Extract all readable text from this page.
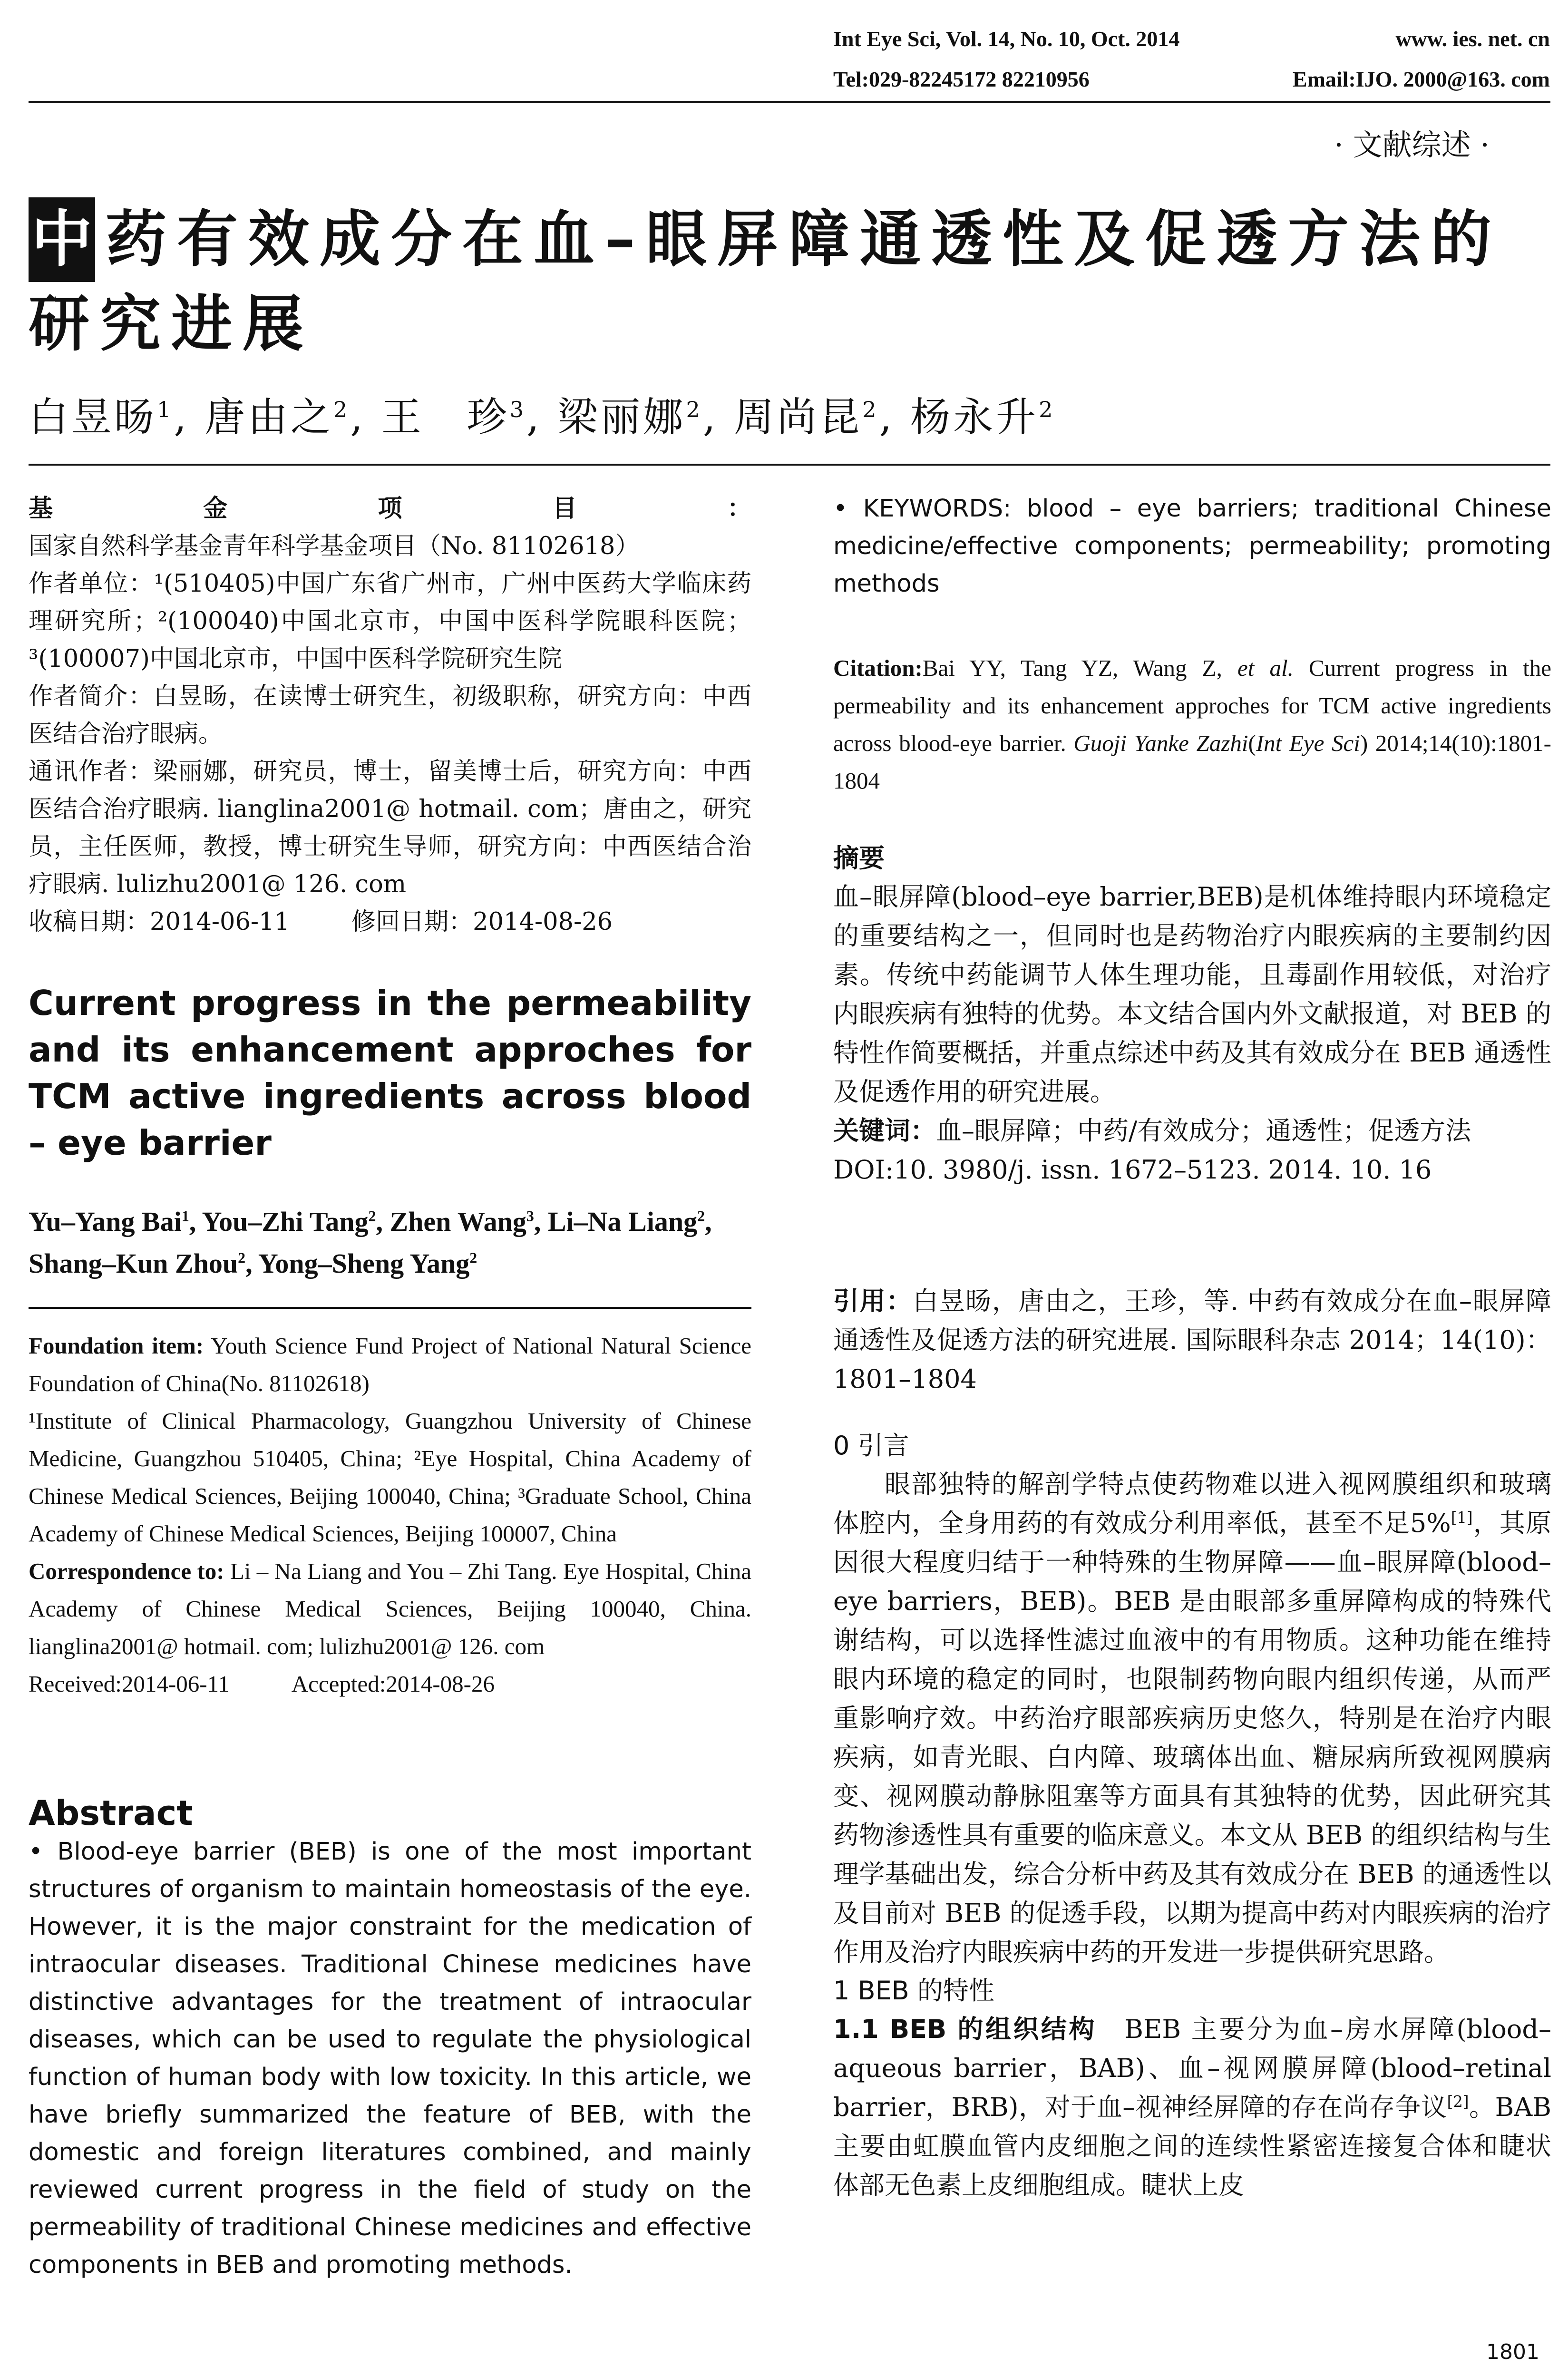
Int Eye Sci, Vol. 14, No. 10, Oct. 2014	www. ies. net. cn
Tel:029-82245172 82210956	Email:IJO. 2000@163. com
· 文献综述 ·
中 药有效成分在血–眼屏障通透性及促透方法的研究进展
白昱旸$^1$, 唐由之$^2$, 王　珍$^3$, 梁丽娜$^2$, 周尚昆$^2$, 杨永升$^2$

基金项目：国家自然科学基金青年科学基金项目（No. 81102618）

作者单位：¹(510405)中国广东省广州市，广州中医药大学临床药理研究所；²(100040)中国北京市，中国中医科学院眼科医院；³(100007)中国北京市，中国中医科学院研究生院

作者简介：白昱旸，在读博士研究生，初级职称，研究方向：中西医结合治疗眼病。

通讯作者：梁丽娜，研究员，博士，留美博士后，研究方向：中西医结合治疗眼病. lianglina2001@ hotmail. com；唐由之，研究员，主任医师，教授，博士研究生导师，研究方向：中西医结合治疗眼病. lulizhu2001@ 126. com

收稿日期：2014-06-11	修回日期：2014-08-26

Current progress in the permeability and its enhancement approches for TCM active ingredients across blood – eye barrier

Yu–Yang Bai$^1$, You–Zhi Tang$^2$, Zhen Wang$^3$, Li–Na Liang$^2$, Shang–Kun Zhou$^2$, Yong–Sheng Yang$^2$

Foundation item: Youth Science Fund Project of National Natural Science Foundation of China(No. 81102618)

¹Institute of Clinical Pharmacology, Guangzhou University of Chinese Medicine, Guangzhou 510405, China; ²Eye Hospital, China Academy of Chinese Medical Sciences, Beijing 100040, China; ³Graduate School, China Academy of Chinese Medical Sciences, Beijing 100007, China

Correspondence to: Li – Na Liang and You – Zhi Tang. Eye Hospital, China Academy of Chinese Medical Sciences, Beijing 100040, China. lianglina2001@ hotmail. com; lulizhu2001@ 126. com

Received:2014-06-11	Accepted:2014-08-26

Abstract

• Blood-eye barrier (BEB) is one of the most important structures of organism to maintain homeostasis of the eye. However, it is the major constraint for the medication of intraocular diseases. Traditional Chinese medicines have distinctive advantages for the treatment of intraocular diseases, which can be used to regulate the physiological function of human body with low toxicity. In this article, we have briefly summarized the feature of BEB, with the domestic and foreign literatures combined, and mainly reviewed current progress in the field of study on the permeability of traditional Chinese medicines and effective components in BEB and promoting methods.

• KEYWORDS: blood – eye barriers; traditional Chinese medicine/effective components; permeability; promoting methods

Citation:Bai YY, Tang YZ, Wang Z, et al. Current progress in the permeability and its enhancement approches for TCM active ingredients across blood-eye barrier. Guoji Yanke Zazhi(Int Eye Sci) 2014;14(10):1801-1804

摘要

血–眼屏障(blood–eye barrier,BEB)是机体维持眼内环境稳定的重要结构之一，但同时也是药物治疗内眼疾病的主要制约因素。传统中药能调节人体生理功能，且毒副作用较低，对治疗内眼疾病有独特的优势。本文结合国内外文献报道，对 BEB 的特性作简要概括，并重点综述中药及其有效成分在 BEB 通透性及促透作用的研究进展。

关键词：血–眼屏障；中药/有效成分；通透性；促透方法

DOI:10. 3980/j. issn. 1672–5123. 2014. 10. 16

引用：白昱旸，唐由之，王珍，等. 中药有效成分在血–眼屏障通透性及促透方法的研究进展. 国际眼科杂志 2014；14(10)：1801–1804

0 引言

眼部独特的解剖学特点使药物难以进入视网膜组织和玻璃体腔内，全身用药的有效成分利用率低，甚至不足5%[1]，其原因很大程度归结于一种特殊的生物屏障——血–眼屏障(blood–eye barriers，BEB)。BEB 是由眼部多重屏障构成的特殊代谢结构，可以选择性滤过血液中的有用物质。这种功能在维持眼内环境的稳定的同时，也限制药物向眼内组织传递，从而严重影响疗效。中药治疗眼部疾病历史悠久，特别是在治疗内眼疾病，如青光眼、白内障、玻璃体出血、糖尿病所致视网膜病变、视网膜动静脉阻塞等方面具有其独特的优势，因此研究其药物渗透性具有重要的临床意义。本文从 BEB 的组织结构与生理学基础出发，综合分析中药及其有效成分在 BEB 的通透性以及目前对 BEB 的促透手段，以期为提高中药对内眼疾病的治疗作用及治疗内眼疾病中药的开发进一步提供研究思路。

1 BEB 的特性

1.1 BEB 的组织结构　BEB 主要分为血–房水屏障(blood–aqueous barrier，BAB)、血–视网膜屏障(blood–retinal barrier，BRB)，对于血–视神经屏障的存在尚存争议[2]。BAB 主要由虹膜血管内皮细胞之间的连续性紧密连接复合体和睫状体部无色素上皮细胞组成。睫状上皮

1801
